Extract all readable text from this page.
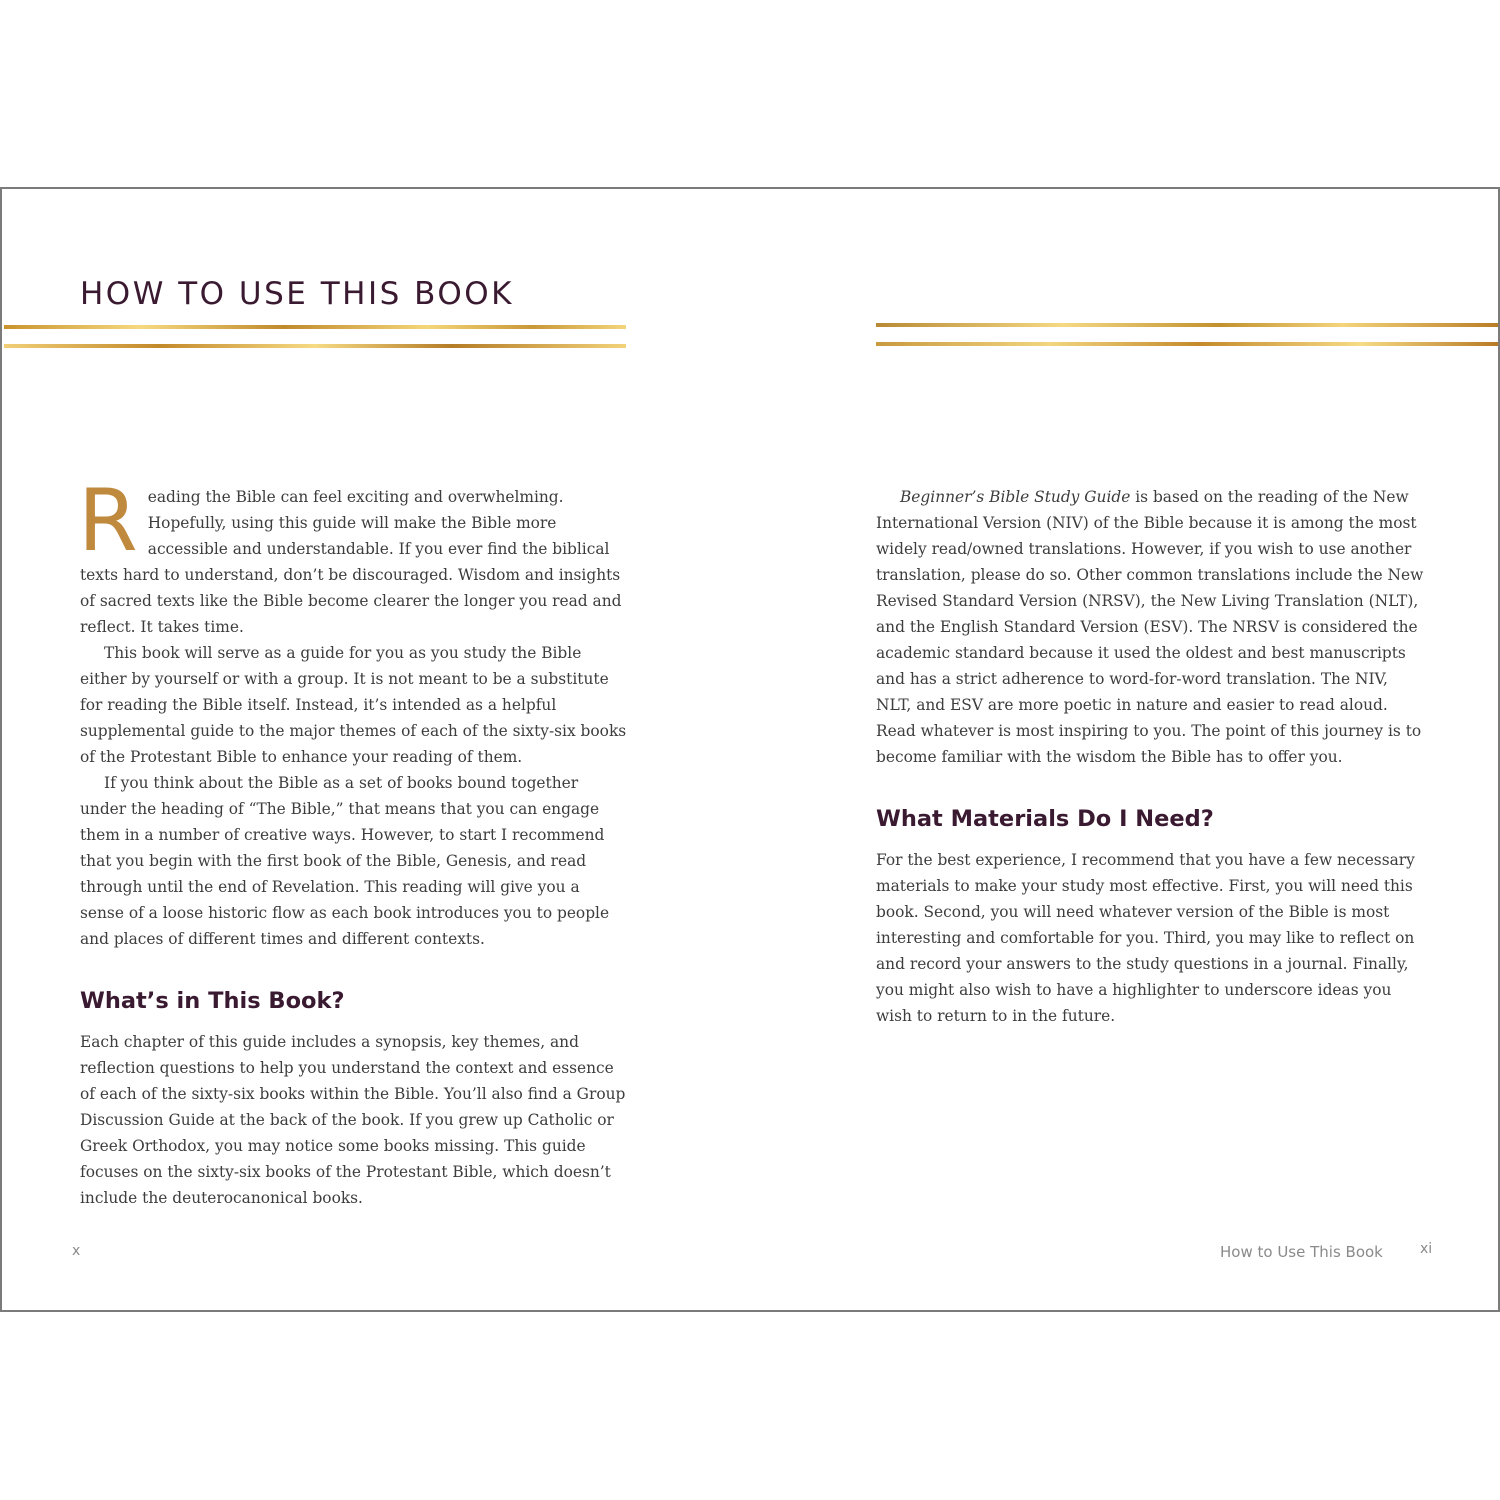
HOW TO USE THIS BOOK

Reading the Bible can feel exciting and overwhelming. Hopefully, using this guide will make the Bible more accessible and understandable. If you ever find the biblical texts hard to understand, don’t be discouraged. Wisdom and insights of sacred texts like the Bible become clearer the longer you read and reflect. It takes time.

This book will serve as a guide for you as you study the Bible either by yourself or with a group. It is not meant to be a substitute for reading the Bible itself. Instead, it’s intended as a helpful supplemental guide to the major themes of each of the sixty-six books of the Protestant Bible to enhance your reading of them.

If you think about the Bible as a set of books bound together under the heading of “The Bible,” that means that you can engage them in a number of creative ways. However, to start I recommend that you begin with the first book of the Bible, Genesis, and read through until the end of Revelation. This reading will give you a sense of a loose historic flow as each book introduces you to people and places of different times and different contexts.

What’s in This Book?

Each chapter of this guide includes a synopsis, key themes, and reflection questions to help you understand the context and essence of each of the sixty-six books within the Bible. You’ll also find a Group Discussion Guide at the back of the book. If you grew up Catholic or Greek Orthodox, you may notice some books missing. This guide focuses on the sixty-six books of the Protestant Bible, which doesn’t include the deuterocanonical books.

Beginner’s Bible Study Guide is based on the reading of the New International Version (NIV) of the Bible because it is among the most widely read/owned translations. However, if you wish to use another translation, please do so. Other common translations include the New Revised Standard Version (NRSV), the New Living Translation (NLT), and the English Standard Version (ESV). The NRSV is considered the academic standard because it used the oldest and best manuscripts and has a strict adherence to word-for-word translation. The NIV, NLT, and ESV are more poetic in nature and easier to read aloud. Read whatever is most inspiring to you. The point of this journey is to become familiar with the wisdom the Bible has to offer you.

What Materials Do I Need?

For the best experience, I recommend that you have a few necessary materials to make your study most effective. First, you will need this book. Second, you will need whatever version of the Bible is most interesting and comfortable for you. Third, you may like to reflect on and record your answers to the study questions in a journal. Finally, you might also wish to have a highlighter to underscore ideas you wish to return to in the future.

x	How to Use This Book	xi
